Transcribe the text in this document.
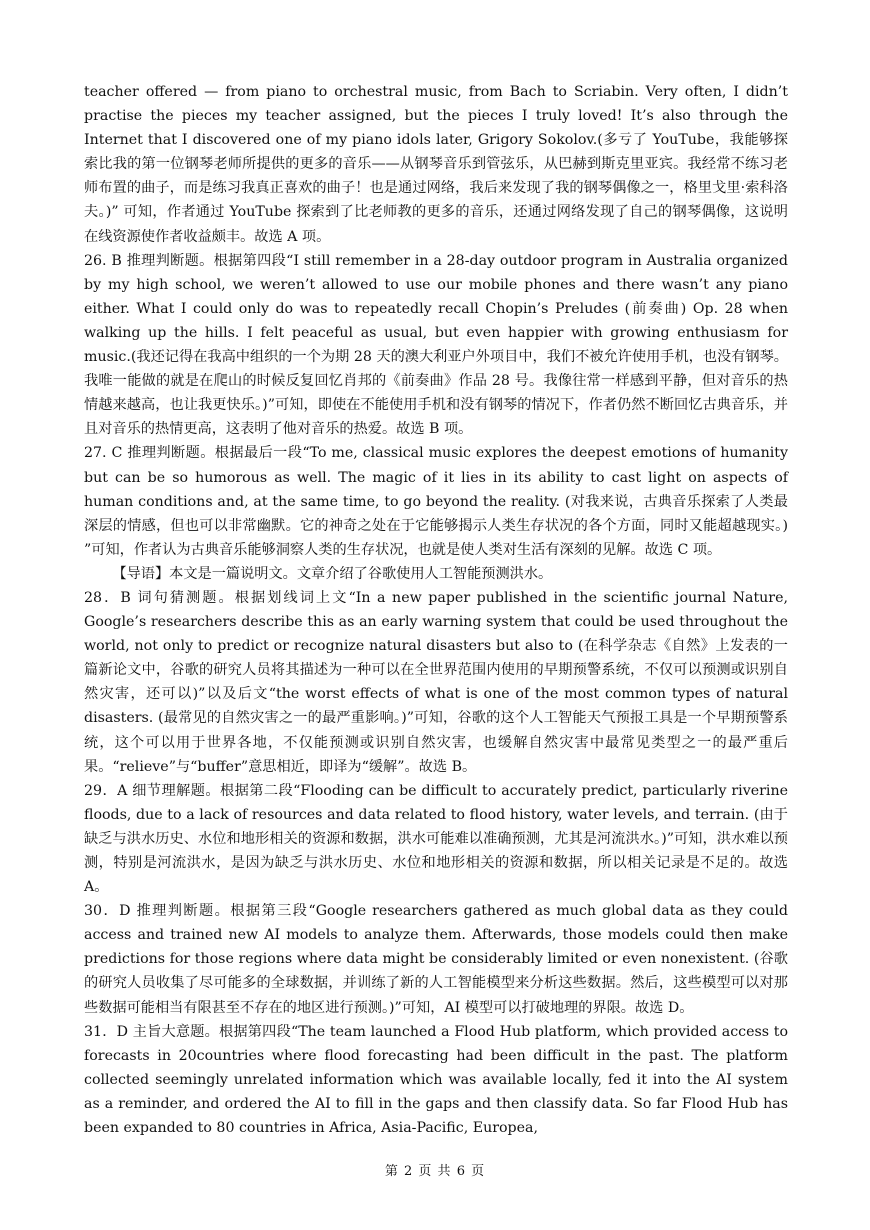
teacher offered — from piano to orchestral music, from Bach to Scriabin. Very often, I didn’t practise the pieces my teacher assigned, but the pieces I truly loved! It’s also through the Internet that I discovered one of my piano idols later, Grigory Sokolov.(多亏了 YouTube，我能够探索比我的第一位钢琴老师所提供的更多的音乐——从钢琴音乐到管弦乐，从巴赫到斯克里亚宾。我经常不练习老师布置的曲子，而是练习我真正喜欢的曲子！也是通过网络，我后来发现了我的钢琴偶像之一，格里戈里·索科洛夫。)” 可知，作者通过 YouTube 探索到了比老师教的更多的音乐，还通过网络发现了自己的钢琴偶像，这说明在线资源使作者收益颇丰。故选 A 项。

26. B 推理判断题。根据第四段“I still remember in a 28-day outdoor program in Australia organized by my high school, we weren’t allowed to use our mobile phones and there wasn’t any piano either. What I could only do was to repeatedly recall Chopin’s Preludes (前奏曲) Op. 28 when walking up the hills. I felt peaceful as usual, but even happier with growing enthusiasm for music.(我还记得在我高中组织的一个为期 28 天的澳大利亚户外项目中，我们不被允许使用手机，也没有钢琴。我唯一能做的就是在爬山的时候反复回忆肖邦的《前奏曲》作品 28 号。我像往常一样感到平静，但对音乐的热情越来越高，也让我更快乐。)”可知，即使在不能使用手机和没有钢琴的情况下，作者仍然不断回忆古典音乐，并且对音乐的热情更高，这表明了他对音乐的热爱。故选 B 项。

27. C 推理判断题。根据最后一段“To me, classical music explores the deepest emotions of humanity but can be so humorous as well. The magic of it lies in its ability to cast light on aspects of human conditions and, at the same time, to go beyond the reality. (对我来说，古典音乐探索了人类最深层的情感，但也可以非常幽默。它的神奇之处在于它能够揭示人类生存状况的各个方面，同时又能超越现实。) ”可知，作者认为古典音乐能够洞察人类的生存状况，也就是使人类对生活有深刻的见解。故选 C 项。

【导语】本文是一篇说明文。文章介绍了谷歌使用人工智能预测洪水。

28．B 词句猜测题。根据划线词上文“In a new paper published in the scientific journal Nature, Google’s researchers describe this as an early warning system that could be used throughout the world, not only to predict or recognize natural disasters but also to (在科学杂志《自然》上发表的一篇新论文中，谷歌的研究人员将其描述为一种可以在全世界范围内使用的早期预警系统，不仅可以预测或识别自然灾害，还可以)”以及后文“the worst effects of what is one of the most common types of natural disasters. (最常见的自然灾害之一的最严重影响。)”可知，谷歌的这个人工智能天气预报工具是一个早期预警系统，这个可以用于世界各地，不仅能预测或识别自然灾害，也缓解自然灾害中最常见类型之一的最严重后果。“relieve”与“buffer”意思相近，即译为“缓解”。故选 B。

29．A 细节理解题。根据第二段“Flooding can be difficult to accurately predict, particularly riverine floods, due to a lack of resources and data related to flood history, water levels, and terrain. (由于缺乏与洪水历史、水位和地形相关的资源和数据，洪水可能难以准确预测，尤其是河流洪水。)”可知，洪水难以预测，特别是河流洪水，是因为缺乏与洪水历史、水位和地形相关的资源和数据，所以相关记录是不足的。故选 A。

30．D 推理判断题。根据第三段“Google researchers gathered as much global data as they could access and trained new AI models to analyze them. Afterwards, those models could then make predictions for those regions where data might be considerably limited or even nonexistent. (谷歌的研究人员收集了尽可能多的全球数据，并训练了新的人工智能模型来分析这些数据。然后，这些模型可以对那些数据可能相当有限甚至不存在的地区进行预测。)”可知，AI 模型可以打破地理的界限。故选 D。

31．D 主旨大意题。根据第四段“The team launched a Flood Hub platform, which provided access to forecasts in 20countries where flood forecasting had been difficult in the past. The platform collected seemingly unrelated information which was available locally, fed it into the AI system as a reminder, and ordered the AI to fill in the gaps and then classify data. So far Flood Hub has been expanded to 80 countries in Africa, Asia-Pacific, Europea,

第 2 页 共 6 页
